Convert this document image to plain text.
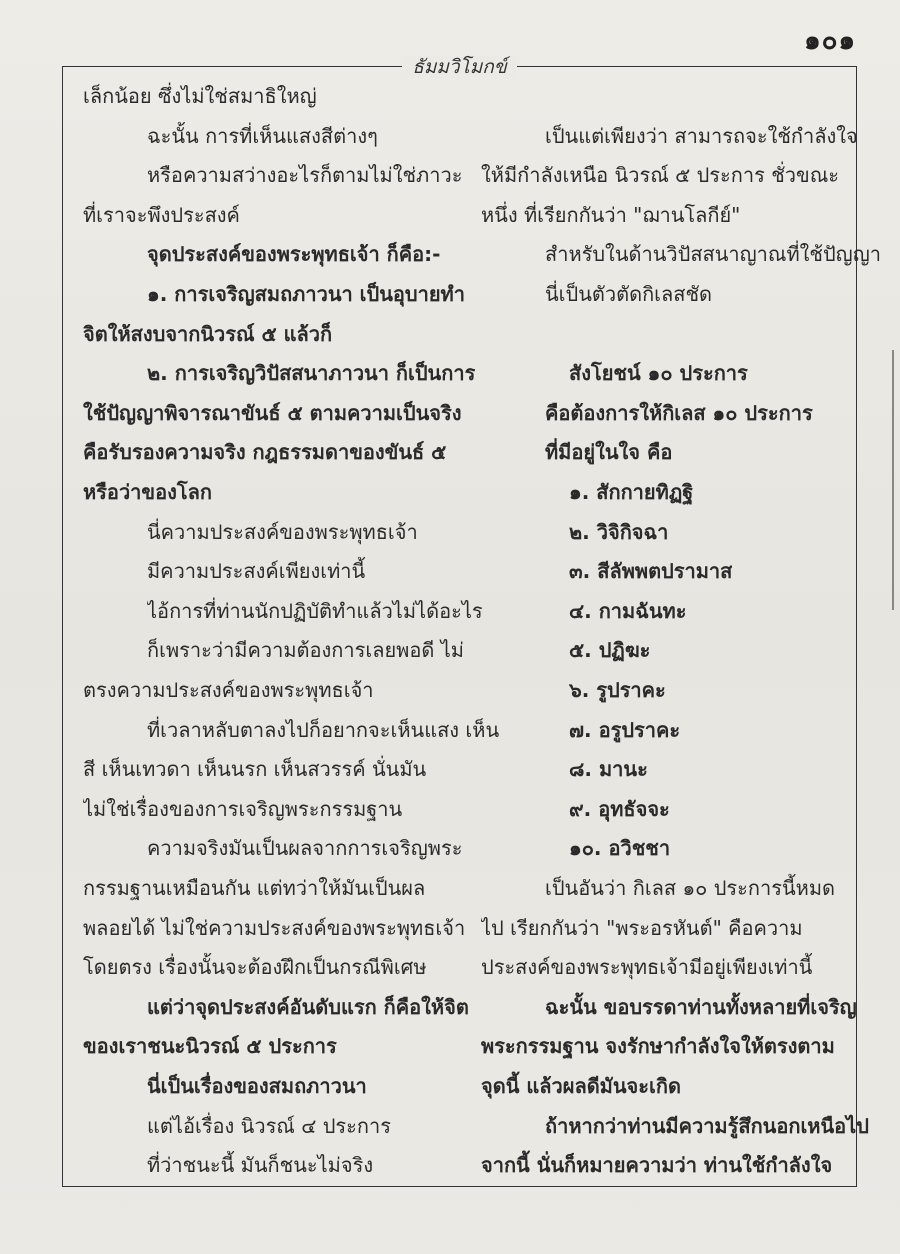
๑๐๑
ธัมมวิโมกข์
เล็กน้อย ซึ่งไม่ใช่สมาธิใหญ่
ฉะนั้น การที่เห็นแสงสีต่างๆ
หรือความสว่างอะไรก็ตามไม่ใช่ภาวะ
ที่เราจะพึงประสงค์
จุดประสงค์ของพระพุทธเจ้า ก็คือ:-
๑. การเจริญสมถภาวนา เป็นอุบายทำ
จิตให้สงบจากนิวรณ์ ๕ แล้วก็
๒. การเจริญวิปัสสนาภาวนา ก็เป็นการ
ใช้ปัญญาพิจารณาขันธ์ ๕ ตามความเป็นจริง
คือรับรองความจริง กฎธรรมดาของขันธ์ ๕
หรือว่าของโลก
นี่ความประสงค์ของพระพุทธเจ้า
มีความประสงค์เพียงเท่านี้
ไอ้การที่ท่านนักปฏิบัติทำแล้วไม่ได้อะไร
ก็เพราะว่ามีความต้องการเลยพอดี ไม่
ตรงความประสงค์ของพระพุทธเจ้า
ที่เวลาหลับตาลงไปก็อยากจะเห็นแสง เห็น
สี เห็นเทวดา เห็นนรก เห็นสวรรค์ นั่นมัน
ไม่ใช่เรื่องของการเจริญพระกรรมฐาน
ความจริงมันเป็นผลจากการเจริญพระ
กรรมฐานเหมือนกัน แต่ทว่าให้มันเป็นผล
พลอยได้ ไม่ใช่ความประสงค์ของพระพุทธเจ้า
โดยตรง เรื่องนั้นจะต้องฝึกเป็นกรณีพิเศษ
แต่ว่าจุดประสงค์อันดับแรก ก็คือให้จิต
ของเราชนะนิวรณ์ ๕ ประการ
นี่เป็นเรื่องของสมถภาวนา
แต่ไอ้เรื่อง นิวรณ์ ๔ ประการ
ที่ว่าชนะนี้ มันก็ชนะไม่จริง
เป็นแต่เพียงว่า สามารถจะใช้กำลังใจ
ให้มีกำลังเหนือ นิวรณ์ ๕ ประการ ชั่วขณะ
หนึ่ง ที่เรียกกันว่า "ฌานโลกีย์"
สำหรับในด้านวิปัสสนาญาณที่ใช้ปัญญา
นี่เป็นตัวตัดกิเลสชัด
สังโยชน์ ๑๐ ประการ
คือต้องการให้กิเลส ๑๐ ประการ
ที่มีอยู่ในใจ คือ
๑. สักกายทิฏฐิ
๒. วิจิกิจฉา
๓. สีลัพพตปรามาส
๔. กามฉันทะ
๕. ปฏิฆะ
๖. รูปราคะ
๗. อรูปราคะ
๘. มานะ
๙. อุทธัจจะ
๑๐. อวิชชา
เป็นอันว่า กิเลส ๑๐ ประการนี้หมด
ไป เรียกกันว่า "พระอรหันต์" คือความ
ประสงค์ของพระพุทธเจ้ามีอยู่เพียงเท่านี้
ฉะนั้น ขอบรรดาท่านทั้งหลายที่เจริญ
พระกรรมฐาน จงรักษากำลังใจให้ตรงตาม
จุดนี้ แล้วผลดีมันจะเกิด
ถ้าหากว่าท่านมีความรู้สึกนอกเหนือไป
จากนี้ นั่นก็หมายความว่า ท่านใช้กำลังใจ
